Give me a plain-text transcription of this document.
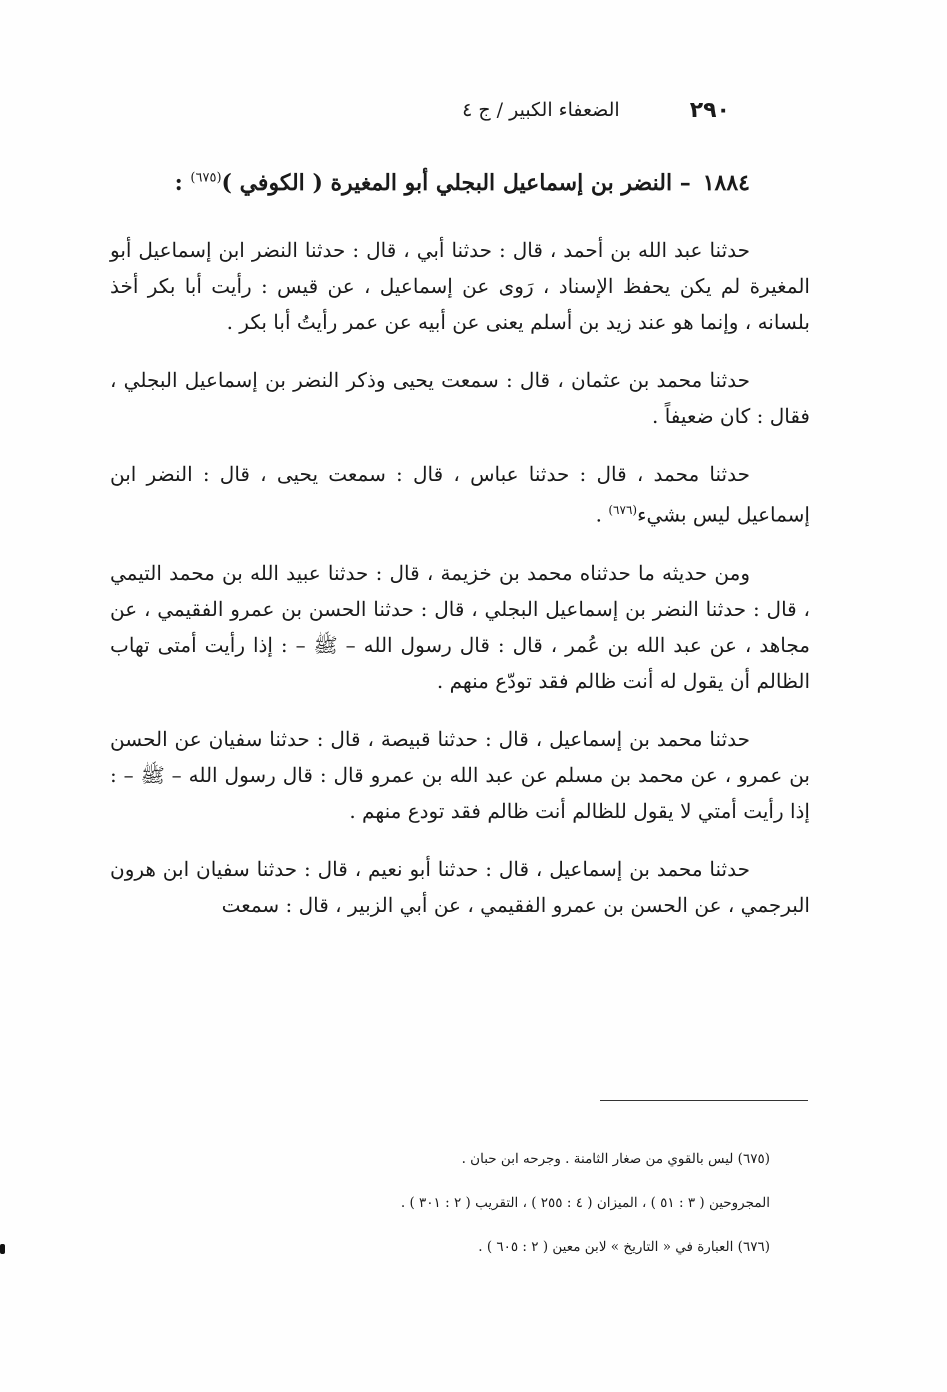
٢٩٠
الضعفاء الكبير / ج ٤
١٨٨٤– النضر بن إسماعيل البجلي أبو المغيرة ( الكوفي )$^{(٦٧٥)}$ :

حدثنا عبد الله بن أحمد ، قال : حدثنا أبي ، قال : حدثنا النضر ابن إسماعيل أبو المغيرة لم يكن يحفظ الإسناد ، رَوى عن إسماعيل ، عن قيس : رأيت أبا بكر أخذ بلسانه ، وإنما هو عند زيد بن أسلم يعنى عن أبيه عن عمر رأيتُ أبا بكر .

حدثنا محمد بن عثمان ، قال : سمعت يحيى وذكر النضر بن إسماعيل البجلي ، فقال : كان ضعيفاً .

حدثنا محمد ، قال : حدثنا عباس ، قال : سمعت يحيى ، قال : النضر ابن إسماعيل ليس بشيء$^{(٦٧٦)}$ .

ومن حديثه ما حدثناه محمد بن خزيمة ، قال : حدثنا عبيد الله بن محمد التيمي ، قال : حدثنا النضر بن إسماعيل البجلي ، قال : حدثنا الحسن بن عمرو الفقيمي ، عن مجاهد ، عن عبد الله بن عُمر ، قال : قال رسول الله – ﷺ – : إذا رأيت أمتى تهاب الظالم أن يقول له أنت ظالم فقد تودّع منهم .

حدثنا محمد بن إسماعيل ، قال : حدثنا قبيصة ، قال : حدثنا سفيان عن الحسن بن عمرو ، عن محمد بن مسلم عن عبد الله بن عمرو قال : قال رسول الله – ﷺ – : إذا رأيت أمتي لا يقول للظالم أنت ظالم فقد تودع منهم .

حدثنا محمد بن إسماعيل ، قال : حدثنا أبو نعيم ، قال : حدثنا سفيان ابن هرون البرجمي ، عن الحسن بن عمرو الفقيمي ، عن أبي الزبير ، قال : سمعت

(٦٧٥) ليس بالقوي من صغار الثامنة . وجرحه ابن حبان .
المجروحين ( ٣ : ٥١ ) ، الميزان ( ٤ : ٢٥٥ ) ، التقريب ( ٢ : ٣٠١ ) .
(٦٧٦) العبارة في « التاريخ » لابن معين ( ٢ : ٦٠٥ ) .
